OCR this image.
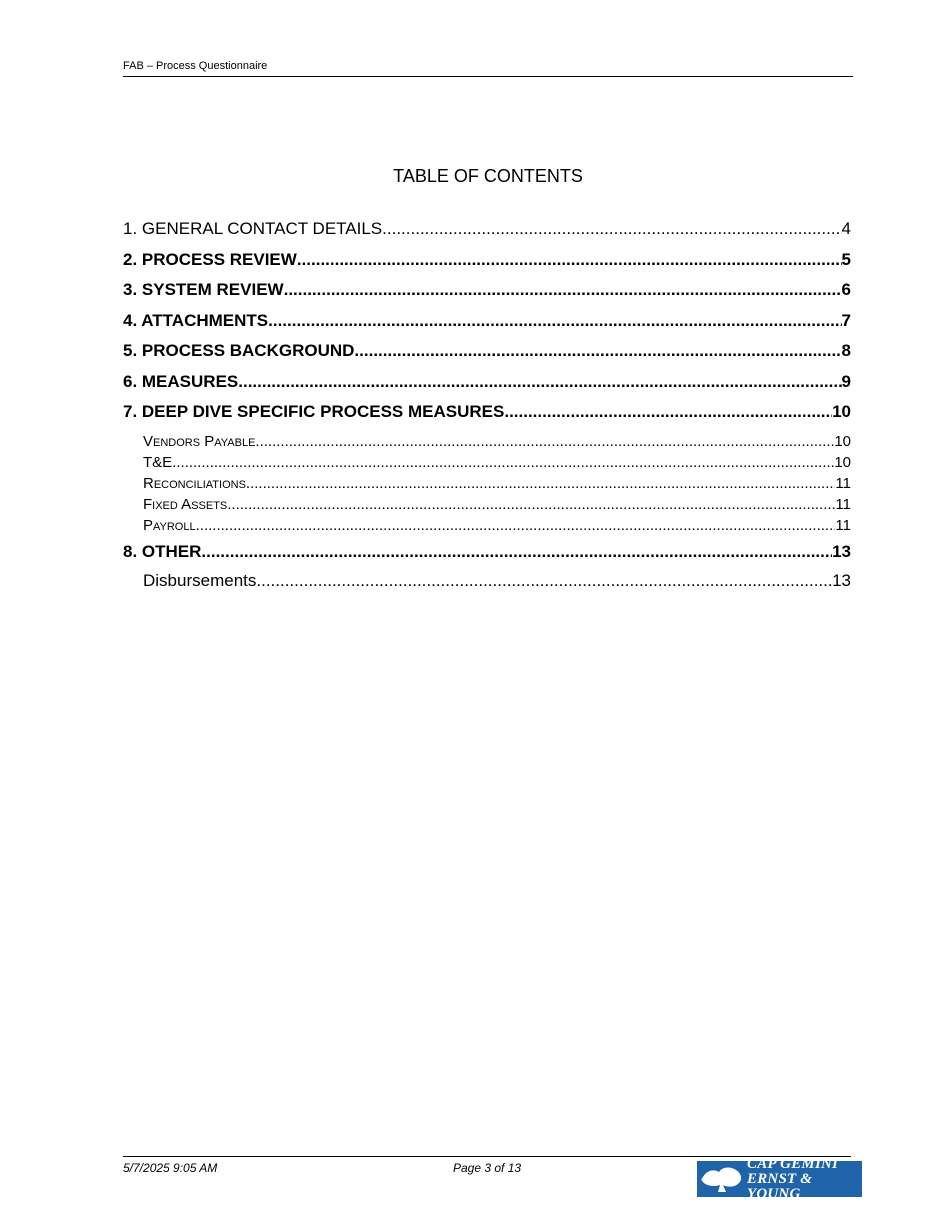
FAB – Process Questionnaire
TABLE OF CONTENTS
1. GENERAL CONTACT DETAILS .....	4
2. PROCESS REVIEW .....	5
3. SYSTEM REVIEW .....	6
4. ATTACHMENTS .....	7
5. PROCESS BACKGROUND .....	8
6. MEASURES .....	9
7. DEEP DIVE SPECIFIC PROCESS MEASURES .....	10
Vendors Payable .....	10
T&E .....	10
Reconciliations .....	11
Fixed Assets .....	11
Payroll .....	11
8. OTHER .....	13
Disbursements .....	13
5/7/2025 9:05 AM	Page 3 of 13	CAP GEMINI
ERNST & YOUNG
